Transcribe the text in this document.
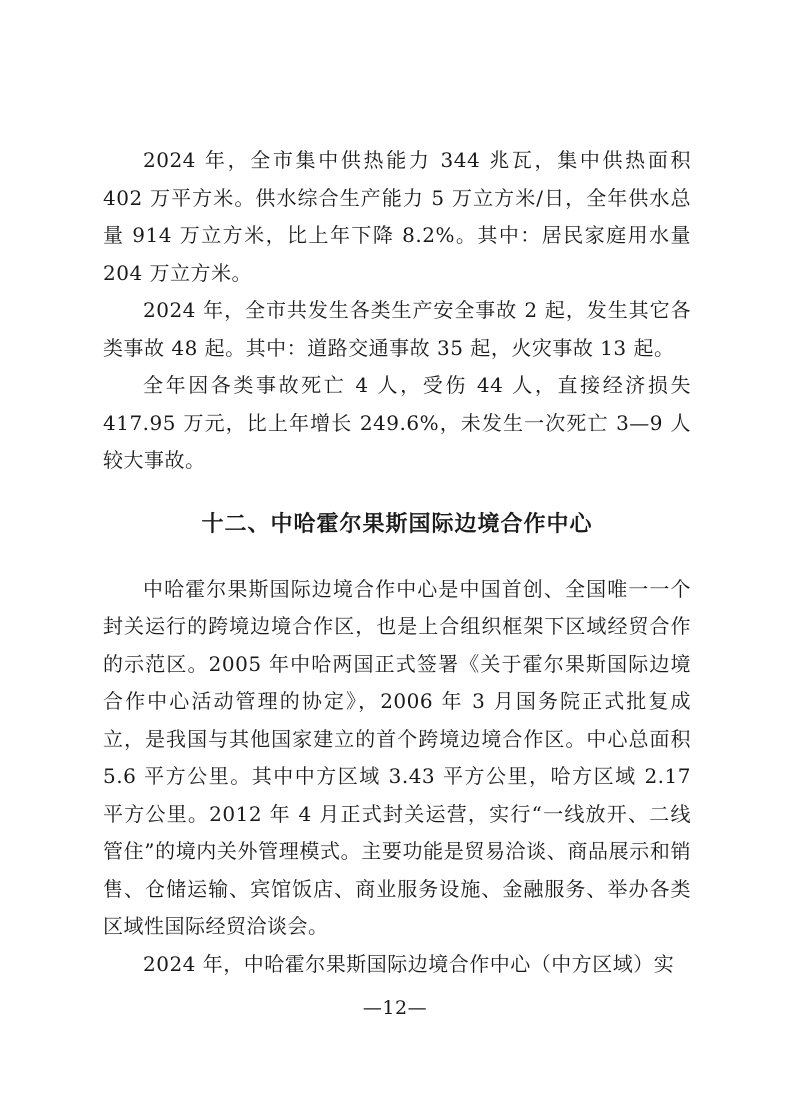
2024 年，全市集中供热能力 344 兆瓦，集中供热面积 402 万平方米。供水综合生产能力 5 万立方米/日，全年供水总量 914 万立方米，比上年下降 8.2%。其中：居民家庭用水量 204 万立方米。

2024 年，全市共发生各类生产安全事故 2 起，发生其它各类事故 48 起。其中：道路交通事故 35 起，火灾事故 13 起。

全年因各类事故死亡 4 人，受伤 44 人，直接经济损失 417.95 万元，比上年增长 249.6%，未发生一次死亡 3—9 人较大事故。

十二、中哈霍尔果斯国际边境合作中心

中哈霍尔果斯国际边境合作中心是中国首创、全国唯一一个封关运行的跨境边境合作区，也是上合组织框架下区域经贸合作的示范区。2005 年中哈两国正式签署《关于霍尔果斯国际边境合作中心活动管理的协定》，2006 年 3 月国务院正式批复成立，是我国与其他国家建立的首个跨境边境合作区。中心总面积 5.6 平方公里。其中中方区域 3.43 平方公里，哈方区域 2.17 平方公里。2012 年 4 月正式封关运营，实行“一线放开、二线管住”的境内关外管理模式。主要功能是贸易洽谈、商品展示和销售、仓储运输、宾馆饭店、商业服务设施、金融服务、举办各类区域性国际经贸洽谈会。

2024 年，中哈霍尔果斯国际边境合作中心（中方区域）实

—12—
